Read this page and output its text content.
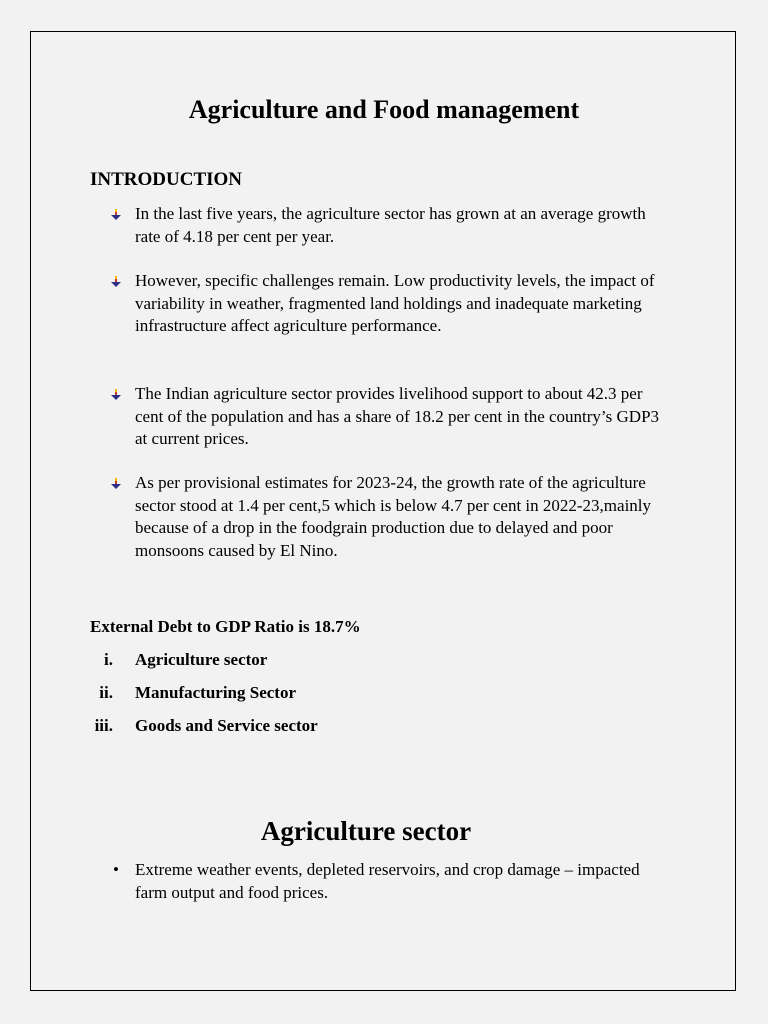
Agriculture and Food management
INTRODUCTION
In the last five years, the agriculture sector has grown at an average growth rate of 4.18 per cent per year.
However, specific challenges remain. Low productivity levels, the impact of variability in weather, fragmented land holdings and inadequate marketing infrastructure affect agriculture performance.
The Indian agriculture sector provides livelihood support to about 42.3 per cent of the population and has a share of 18.2 per cent in the country’s GDP3 at current prices.
As per provisional estimates for 2023-24, the growth rate of the agriculture sector stood at 1.4 per cent,5 which is below 4.7 per cent in 2022-23,mainly because of a drop in the foodgrain production due to delayed and poor monsoons caused by El Nino.
External Debt to GDP Ratio is 18.7%
i. Agriculture sector
ii. Manufacturing Sector
iii. Goods and Service sector
Agriculture sector
• Extreme weather events, depleted reservoirs, and crop damage – impacted farm output and food prices.
